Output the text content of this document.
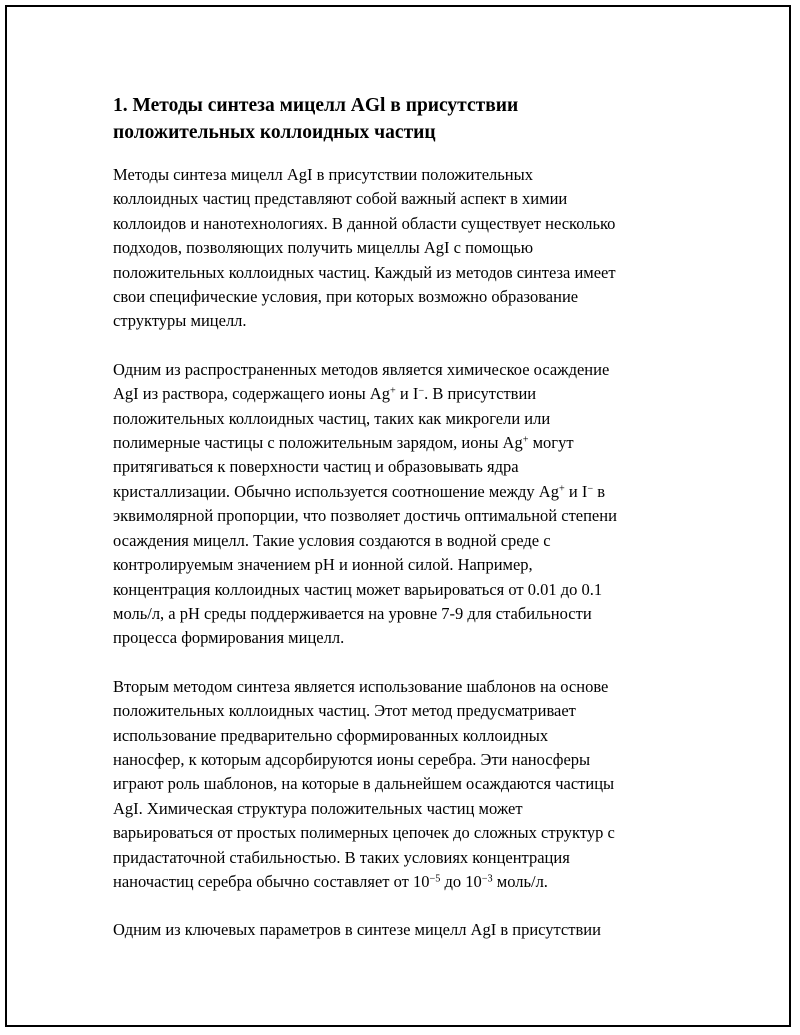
1. Методы синтеза мицелл AGl в присутствии
положительных коллоидных частиц

Методы синтеза мицелл AgI в присутствии положительных
коллоидных частиц представляют собой важный аспект в химии
коллоидов и нанотехнологиях. В данной области существует несколько
подходов, позволяющих получить мицеллы AgI с помощью
положительных коллоидных частиц. Каждый из методов синтеза имеет
свои специфические условия, при которых возможно образование
структуры мицелл.

Одним из распространенных методов является химическое осаждение
AgI из раствора, содержащего ионы Ag+ и I−. В присутствии
положительных коллоидных частиц, таких как микрогели или
полимерные частицы с положительным зарядом, ионы Ag+ могут
притягиваться к поверхности частиц и образовывать ядра
кристаллизации. Обычно используется соотношение между Ag+ и I− в
эквимолярной пропорции, что позволяет достичь оптимальной степени
осаждения мицелл. Такие условия создаются в водной среде с
контролируемым значением pH и ионной силой. Например,
концентрация коллоидных частиц может варьироваться от 0.01 до 0.1
моль/л, а pH среды поддерживается на уровне 7-9 для стабильности
процесса формирования мицелл.

Вторым методом синтеза является использование шаблонов на основе
положительных коллоидных частиц. Этот метод предусматривает
использование предварительно сформированных коллоидных
наносфер, к которым адсорбируются ионы серебра. Эти наносферы
играют роль шаблонов, на которые в дальнейшем осаждаются частицы
AgI. Химическая структура положительных частиц может
варьироваться от простых полимерных цепочек до сложных структур с
придастаточной стабильностью. В таких условиях концентрация
наночастиц серебра обычно составляет от $10^{-5}$ до $10^{-3}$ моль/л.

Одним из ключевых параметров в синтезе мицелл AgI в присутствии
